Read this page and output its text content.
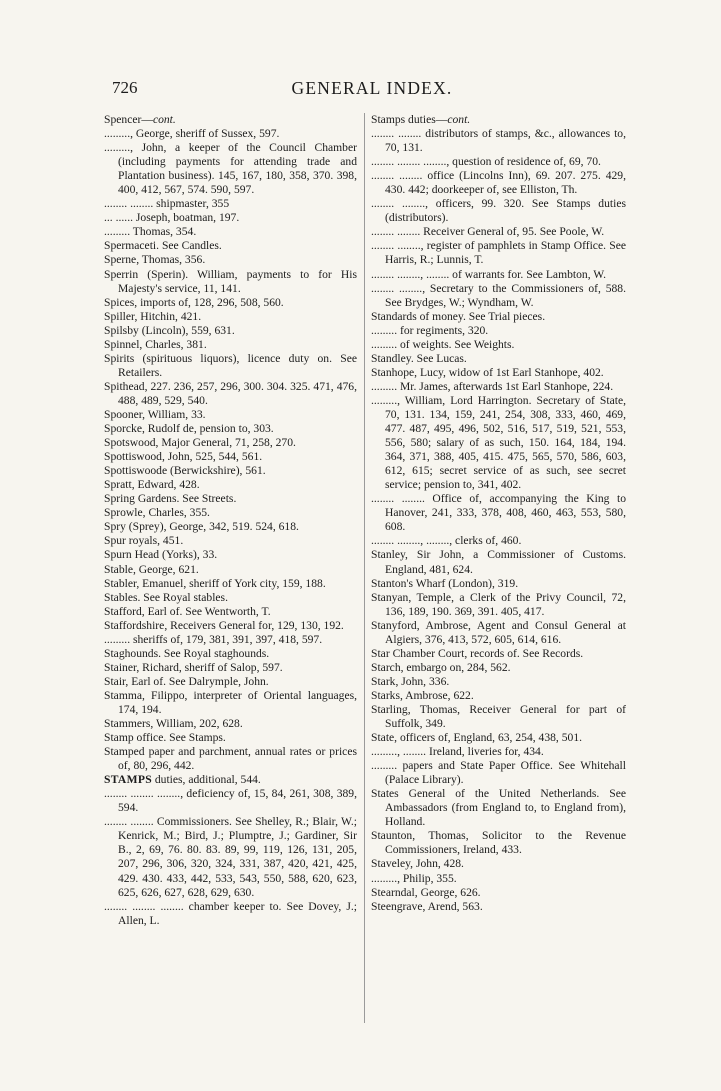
726	GENERAL INDEX.
Spencer—cont.
........., George, sheriff of Sussex, 597.
........., John, a keeper of the Council Chamber (including payments for attending trade and Plantation business). 145, 167, 180, 358, 370. 398, 400, 412, 567, 574. 590, 597.
........ ........ shipmaster, 355
... ...... Joseph, boatman, 197.
......... Thomas, 354.
Spermaceti. See Candles.
Sperne, Thomas, 356.
Sperrin (Sperin). William, payments to for His Majesty's service, 11, 141.
Spices, imports of, 128, 296, 508, 560.
Spiller, Hitchin, 421.
Spilsby (Lincoln), 559, 631.
Spinnel, Charles, 381.
Spirits (spirituous liquors), licence duty on. See Retailers.
Spithead, 227. 236, 257, 296, 300. 304. 325. 471, 476, 488, 489, 529, 540.
Spooner, William, 33.
Sporcke, Rudolf de, pension to, 303.
Spotswood, Major General, 71, 258, 270.
Spottiswood, John, 525, 544, 561.
Spottiswoode (Berwickshire), 561.
Spratt, Edward, 428.
Spring Gardens. See Streets.
Sprowle, Charles, 355.
Spry (Sprey), George, 342, 519. 524, 618.
Spur royals, 451.
Spurn Head (Yorks), 33.
Stable, George, 621.
Stabler, Emanuel, sheriff of York city, 159, 188.
Stables. See Royal stables.
Stafford, Earl of. See Wentworth, T.
Staffordshire, Receivers General for, 129, 130, 192.
......... sheriffs of, 179, 381, 391, 397, 418, 597.
Staghounds. See Royal staghounds.
Stainer, Richard, sheriff of Salop, 597.
Stair, Earl of. See Dalrymple, John.
Stamma, Filippo, interpreter of Oriental languages, 174, 194.
Stammers, William, 202, 628.
Stamp office. See Stamps.
Stamped paper and parchment, annual rates or prices of, 80, 296, 442.
STAMPS duties, additional, 544.
........ ........ ........, deficiency of, 15, 84, 261, 308, 389, 594.
........ ........ Commissioners. See Shelley, R.; Blair, W.; Kenrick, M.; Bird, J.; Plumptre, J.; Gardiner, Sir B., 2, 69, 76. 80. 83. 89, 99, 119, 126, 131, 205, 207, 296, 306, 320, 324, 331, 387, 420, 421, 425, 429. 430. 433, 442, 533, 543, 550, 588, 620, 623, 625, 626, 627, 628, 629, 630.
........ ........ ........ chamber keeper to. See Dovey, J.; Allen, L.
Stamps duties—cont.
........ ........ distributors of stamps, &c., allowances to, 70, 131.
........ ........ ........, question of residence of, 69, 70.
........ ........ office (Lincolns Inn), 69. 207. 275. 429, 430. 442; doorkeeper of, see Elliston, Th.
........ ........, officers, 99. 320. See Stamps duties (distributors).
........ ........ Receiver General of, 95. See Poole, W.
........ ........, register of pamphlets in Stamp Office. See Harris, R.; Lunnis, T.
........ ........, ........ of warrants for. See Lambton, W.
........ ........, Secretary to the Commissioners of, 588. See Brydges, W.; Wyndham, W.
Standards of money. See Trial pieces.
......... for regiments, 320.
......... of weights. See Weights.
Standley. See Lucas.
Stanhope, Lucy, widow of 1st Earl Stanhope, 402.
......... Mr. James, afterwards 1st Earl Stanhope, 224.
........., William, Lord Harrington. Secretary of State, 70, 131. 134, 159, 241, 254, 308, 333, 460, 469, 477. 487, 495, 496, 502, 516, 517, 519, 521, 553, 556, 580; salary of as such, 150. 164, 184, 194. 364, 371, 388, 405, 415. 475, 565, 570, 586, 603, 612, 615; secret service of as such, see secret service; pension to, 341, 402.
........ ........ Office of, accompanying the King to Hanover, 241, 333, 378, 408, 460, 463, 553, 580, 608.
........ ........, ........, clerks of, 460.
Stanley, Sir John, a Commissioner of Customs. England, 481, 624.
Stanton's Wharf (London), 319.
Stanyan, Temple, a Clerk of the Privy Council, 72, 136, 189, 190. 369, 391. 405, 417.
Stanyford, Ambrose, Agent and Consul General at Algiers, 376, 413, 572, 605, 614, 616.
Star Chamber Court, records of. See Records.
Starch, embargo on, 284, 562.
Stark, John, 336.
Starks, Ambrose, 622.
Starling, Thomas, Receiver General for part of Suffolk, 349.
State, officers of, England, 63, 254, 438, 501.
........., ........ Ireland, liveries for, 434.
......... papers and State Paper Office. See Whitehall (Palace Library).
States General of the United Netherlands. See Ambassadors (from England to, to England from), Holland.
Staunton, Thomas, Solicitor to the Revenue Commissioners, Ireland, 433.
Staveley, John, 428.
........., Philip, 355.
Stearndal, George, 626.
Steengrave, Arend, 563.
